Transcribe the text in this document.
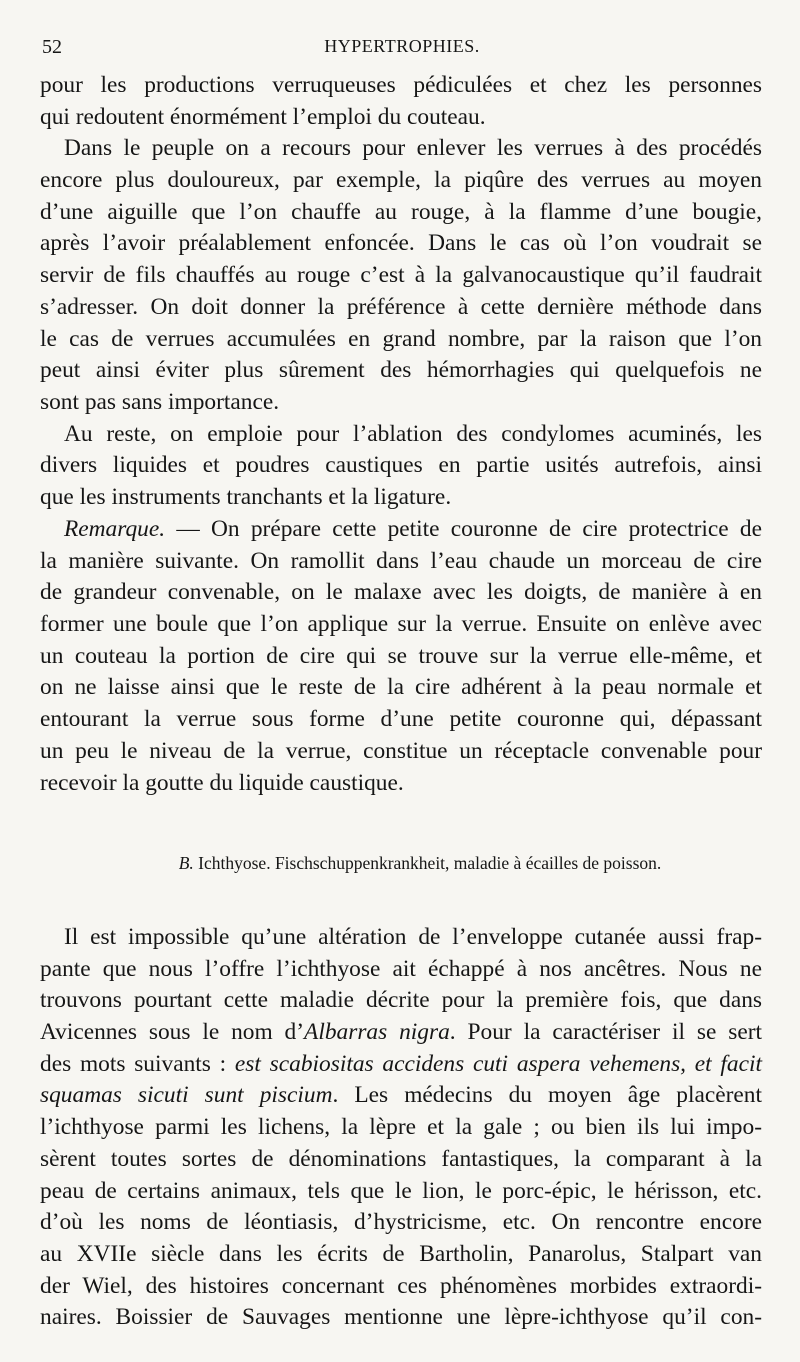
52	HYPERTROPHIES.
pour les productions verruqueuses pédiculées et chez les personnes
qui redoutent énormément l’emploi du couteau.
Dans le peuple on a recours pour enlever les verrues à des procédés
encore plus douloureux, par exemple, la piqûre des verrues au moyen
d’une aiguille que l’on chauffe au rouge, à la flamme d’une bougie,
après l’avoir préalablement enfoncée. Dans le cas où l’on voudrait se
servir de fils chauffés au rouge c’est à la galvanocaustique qu’il faudrait
s’adresser. On doit donner la préférence à cette dernière méthode dans
le cas de verrues accumulées en grand nombre, par la raison que l’on
peut ainsi éviter plus sûrement des hémorrhagies qui quelquefois ne
sont pas sans importance.
Au reste, on emploie pour l’ablation des condylomes acuminés, les
divers liquides et poudres caustiques en partie usités autrefois, ainsi
que les instruments tranchants et la ligature.
Remarque. — On prépare cette petite couronne de cire protectrice de
la manière suivante. On ramollit dans l’eau chaude un morceau de cire
de grandeur convenable, on le malaxe avec les doigts, de manière à en
former une boule que l’on applique sur la verrue. Ensuite on enlève avec
un couteau la portion de cire qui se trouve sur la verrue elle-même, et
on ne laisse ainsi que le reste de la cire adhérent à la peau normale et
entourant la verrue sous forme d’une petite couronne qui, dépassant
un peu le niveau de la verrue, constitue un réceptacle convenable pour
recevoir la goutte du liquide caustique.
B. Ichthyose. Fischschuppenkrankheit, maladie à écailles de poisson.
Il est impossible qu’une altération de l’enveloppe cutanée aussi frap-
pante que nous l’offre l’ichthyose ait échappé à nos ancêtres. Nous ne
trouvons pourtant cette maladie décrite pour la première fois, que dans
Avicennes sous le nom d’Albarras nigra. Pour la caractériser il se sert
des mots suivants : est scabiositas accidens cuti aspera vehemens, et facit
squamas sicuti sunt piscium. Les médecins du moyen âge placèrent
l’ichthyose parmi les lichens, la lèpre et la gale ; ou bien ils lui impo-
sèrent toutes sortes de dénominations fantastiques, la comparant à la
peau de certains animaux, tels que le lion, le porc-épic, le hérisson, etc.
d’où les noms de léontiasis, d’hystricisme, etc. On rencontre encore
au XVIIe siècle dans les écrits de Bartholin, Panarolus, Stalpart van
der Wiel, des histoires concernant ces phénomènes morbides extraordi-
naires. Boissier de Sauvages mentionne une lèpre-ichthyose qu’il con-
